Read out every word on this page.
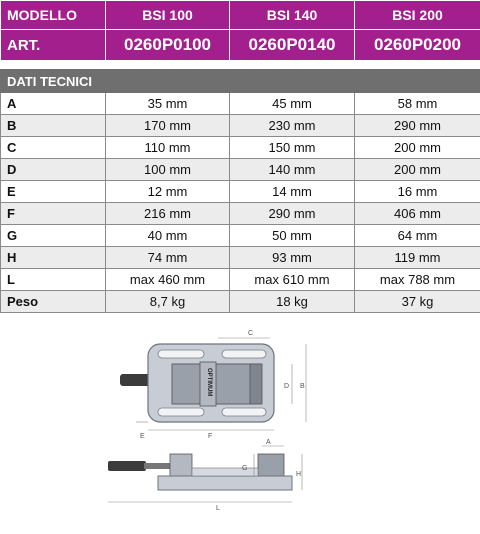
MODELLO	BSI 100	BSI 140	BSI 200
ART.	0260P0100	0260P0140	0260P0200

DATI TECNICI			
A	35 mm	45 mm	58 mm
B	170 mm	230 mm	290 mm
C	110 mm	150 mm	200 mm
D	100 mm	140 mm	200 mm
E	12 mm	14 mm	16 mm
F	216 mm	290 mm	406 mm
G	40 mm	50 mm	64 mm
H	74 mm	93 mm	119 mm
L	max 460 mm	max 610 mm	max 788 mm
Peso	8,7 kg	18 kg	37 kg
OPTIMUM
C
D B
F
E
L
G
A
H
